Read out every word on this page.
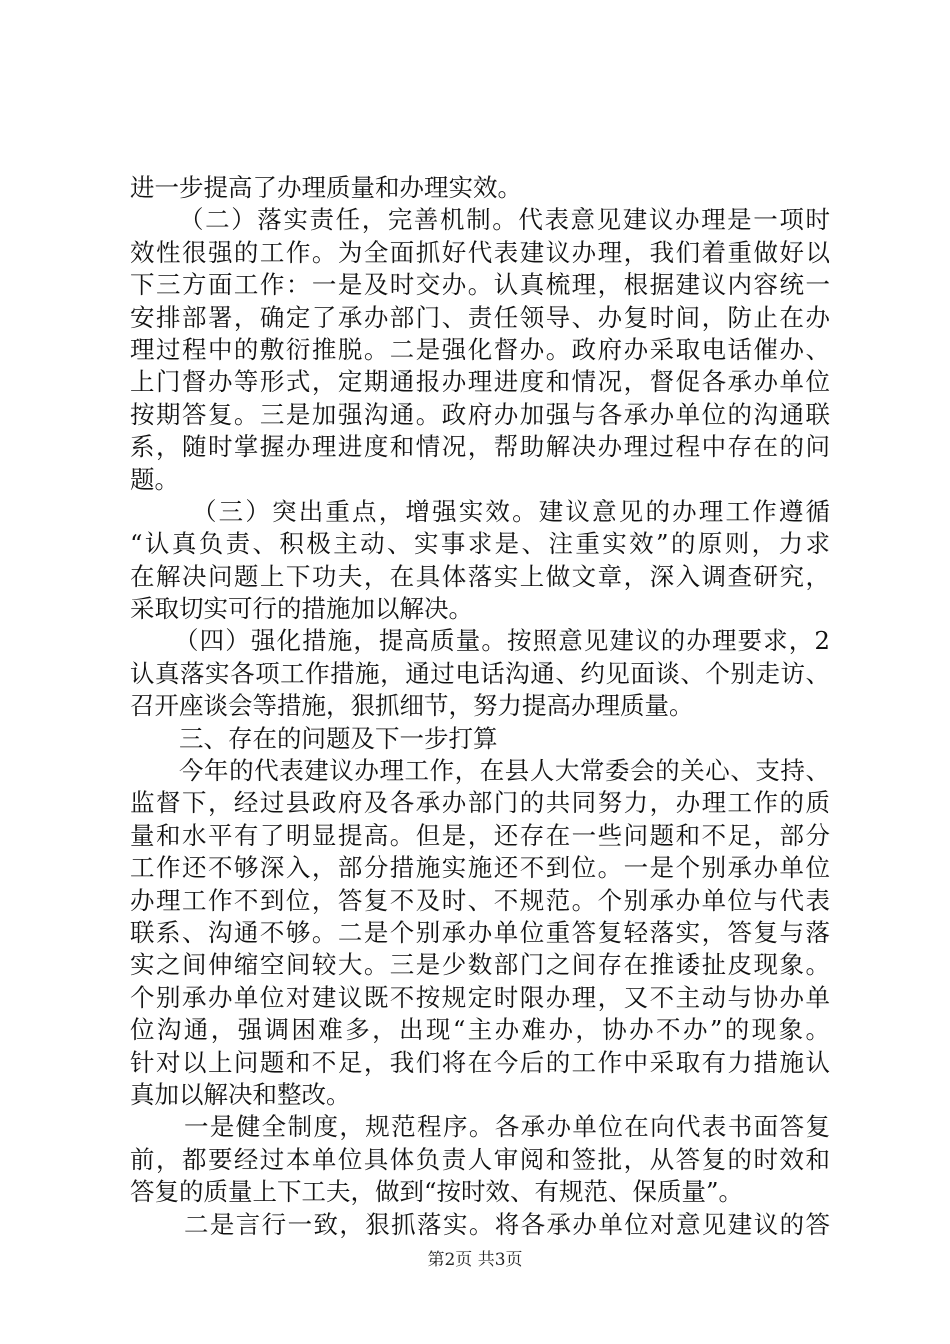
进一步提高了办理质量和办理实效。
（二）落实责任，完善机制。代表意见建议办理是一项时
效性很强的工作。为全面抓好代表建议办理，我们着重做好以
下三方面工作：一是及时交办。认真梳理，根据建议内容统一
安排部署，确定了承办部门、责任领导、办复时间，防止在办
理过程中的敷衍推脱。二是强化督办。政府办采取电话催办、
上门督办等形式，定期通报办理进度和情况，督促各承办单位
按期答复。三是加强沟通。政府办加强与各承办单位的沟通联
系，随时掌握办理进度和情况，帮助解决办理过程中存在的问
题。
（三）突出重点，增强实效。建议意见的办理工作遵循
“认真负责、积极主动、实事求是、注重实效”的原则，力求
在解决问题上下功夫，在具体落实上做文章，深入调查研究，
采取切实可行的措施加以解决。
（四）强化措施，提高质量。按照意见建议的办理要求，2
认真落实各项工作措施，通过电话沟通、约见面谈、个别走访、
召开座谈会等措施，狠抓细节，努力提高办理质量。
三、存在的问题及下一步打算
今年的代表建议办理工作，在县人大常委会的关心、支持、
监督下，经过县政府及各承办部门的共同努力，办理工作的质
量和水平有了明显提高。但是，还存在一些问题和不足，部分
工作还不够深入，部分措施实施还不到位。一是个别承办单位
办理工作不到位，答复不及时、不规范。个别承办单位与代表
联系、沟通不够。二是个别承办单位重答复轻落实，答复与落
实之间伸缩空间较大。三是少数部门之间存在推诿扯皮现象。
个别承办单位对建议既不按规定时限办理，又不主动与协办单
位沟通，强调困难多，出现“主办难办，协办不办”的现象。
针对以上问题和不足，我们将在今后的工作中采取有力措施认
真加以解决和整改。
一是健全制度，规范程序。各承办单位在向代表书面答复
前，都要经过本单位具体负责人审阅和签批，从答复的时效和
答复的质量上下工夫，做到“按时效、有规范、保质量”。
二是言行一致，狠抓落实。将各承办单位对意见建议的答
第2页 共3页
